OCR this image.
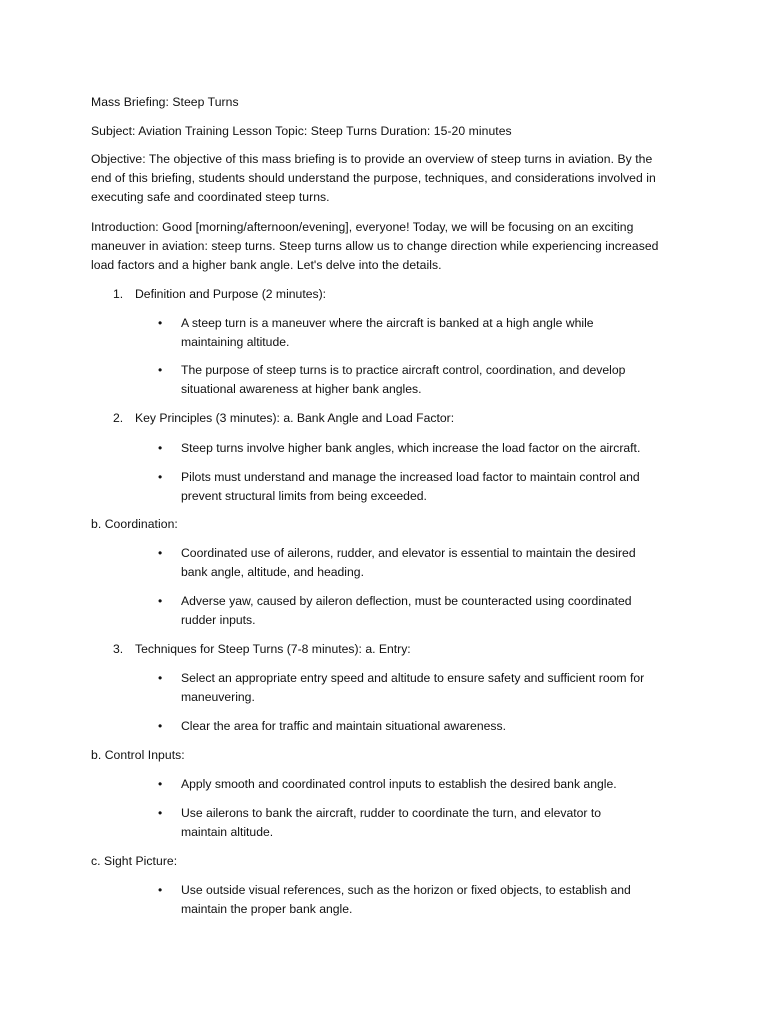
Mass Briefing: Steep Turns
Subject: Aviation Training Lesson Topic: Steep Turns Duration: 15-20 minutes
Objective: The objective of this mass briefing is to provide an overview of steep turns in aviation. By the
end of this briefing, students should understand the purpose, techniques, and considerations involved in
executing safe and coordinated steep turns.
Introduction: Good [morning/afternoon/evening], everyone! Today, we will be focusing on an exciting
maneuver in aviation: steep turns. Steep turns allow us to change direction while experiencing increased
load factors and a higher bank angle. Let's delve into the details.
1. Definition and Purpose (2 minutes):
• A steep turn is a maneuver where the aircraft is banked at a high angle while
maintaining altitude.
• The purpose of steep turns is to practice aircraft control, coordination, and develop
situational awareness at higher bank angles.
2. Key Principles (3 minutes): a. Bank Angle and Load Factor:
• Steep turns involve higher bank angles, which increase the load factor on the aircraft.
• Pilots must understand and manage the increased load factor to maintain control and
prevent structural limits from being exceeded.
b. Coordination:
• Coordinated use of ailerons, rudder, and elevator is essential to maintain the desired
bank angle, altitude, and heading.
• Adverse yaw, caused by aileron deflection, must be counteracted using coordinated
rudder inputs.
3. Techniques for Steep Turns (7-8 minutes): a. Entry:
• Select an appropriate entry speed and altitude to ensure safety and sufficient room for
maneuvering.
• Clear the area for traffic and maintain situational awareness.
b. Control Inputs:
• Apply smooth and coordinated control inputs to establish the desired bank angle.
• Use ailerons to bank the aircraft, rudder to coordinate the turn, and elevator to
maintain altitude.
c. Sight Picture:
• Use outside visual references, such as the horizon or fixed objects, to establish and
maintain the proper bank angle.
